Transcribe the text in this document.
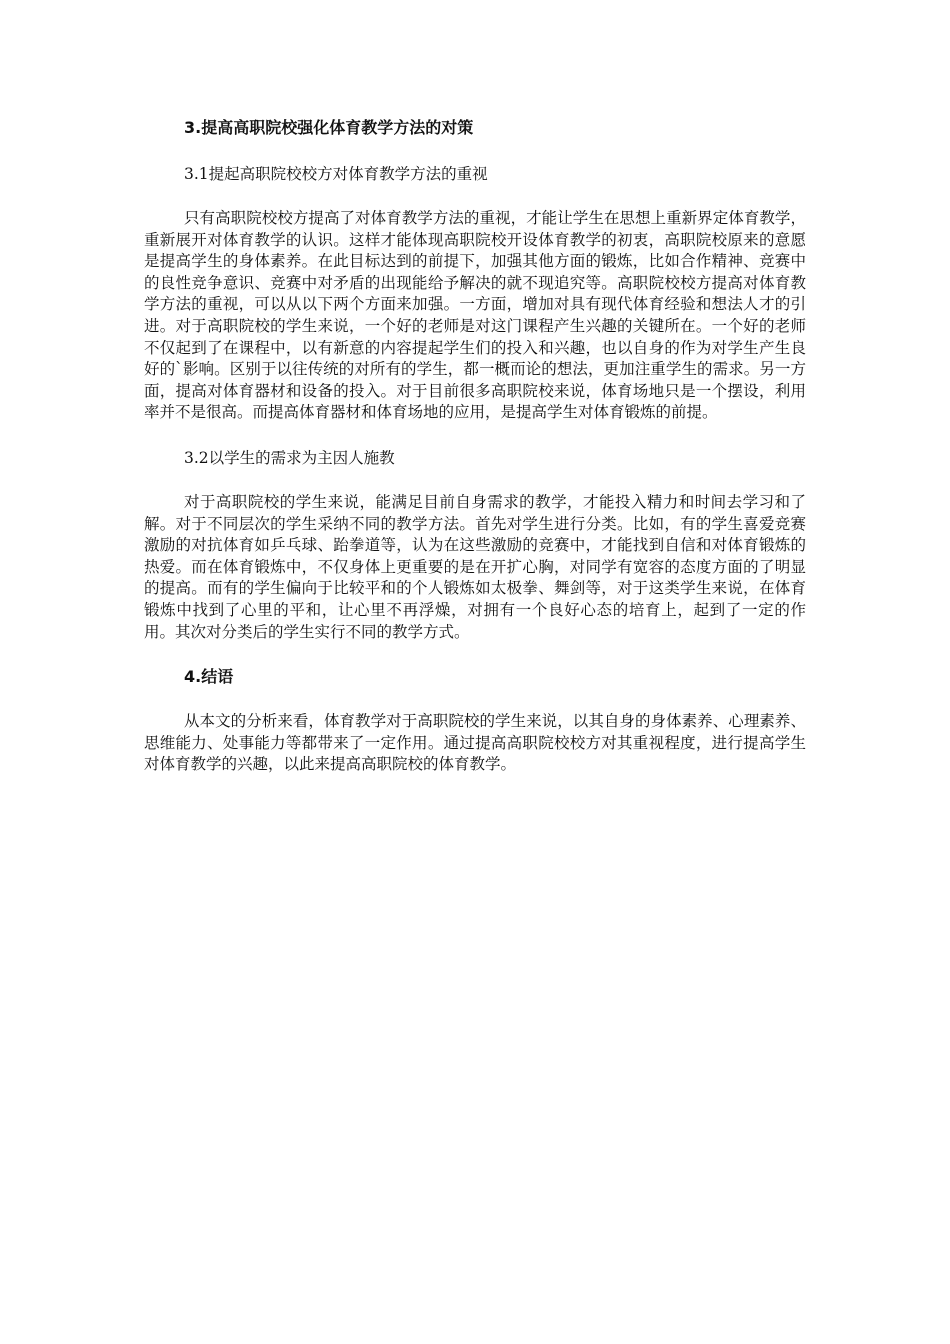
3.提高高职院校强化体育教学方法的对策
3.1提起高职院校校方对体育教学方法的重视

只有高职院校校方提高了对体育教学方法的重视，才能让学生在思想上重新界定体育教学，重新展开对体育教学的认识。这样才能体现高职院校开设体育教学的初衷，高职院校原来的意愿是提高学生的身体素养。在此目标达到的前提下，加强其他方面的锻炼，比如合作精神、竞赛中的良性竞争意识、竞赛中对矛盾的出现能给予解决的就不现追究等。高职院校校方提高对体育教学方法的重视，可以从以下两个方面来加强。一方面，增加对具有现代体育经验和想法人才的引进。对于高职院校的学生来说，一个好的老师是对这门课程产生兴趣的关键所在。一个好的老师不仅起到了在课程中，以有新意的内容提起学生们的投入和兴趣，也以自身的作为对学生产生良好的`影响。区别于以往传统的对所有的学生，都一概而论的想法，更加注重学生的需求。另一方面，提高对体育器材和设备的投入。对于目前很多高职院校来说，体育场地只是一个摆设，利用率并不是很高。而提高体育器材和体育场地的应用，是提高学生对体育锻炼的前提。

3.2以学生的需求为主因人施教

对于高职院校的学生来说，能满足目前自身需求的教学，才能投入精力和时间去学习和了解。对于不同层次的学生采纳不同的教学方法。首先对学生进行分类。比如，有的学生喜爱竞赛激励的对抗体育如乒乓球、跆拳道等，认为在这些激励的竞赛中，才能找到自信和对体育锻炼的热爱。而在体育锻炼中，不仅身体上更重要的是在开扩心胸，对同学有宽容的态度方面的了明显的提高。而有的学生偏向于比较平和的个人锻炼如太极拳、舞剑等，对于这类学生来说，在体育锻炼中找到了心里的平和，让心里不再浮燥，对拥有一个良好心态的培育上，起到了一定的作用。其次对分类后的学生实行不同的教学方式。

4.结语

从本文的分析来看，体育教学对于高职院校的学生来说，以其自身的身体素养、心理素养、思维能力、处事能力等都带来了一定作用。通过提高高职院校校方对其重视程度，进行提高学生对体育教学的兴趣，以此来提高高职院校的体育教学。
